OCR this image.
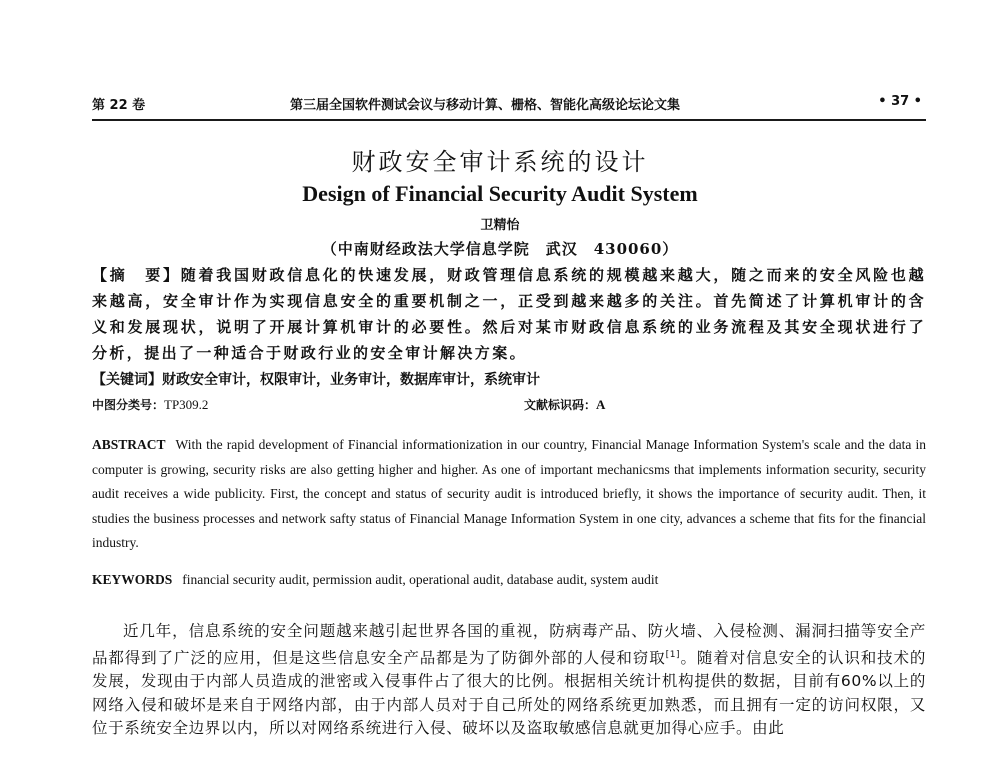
第 22 卷	第三届全国软件测试会议与移动计算、栅格、智能化高级论坛论文集	• 37 •
财政安全审计系统的设计
Design of Financial Security Audit System
卫精怡
（中南财经政法大学信息学院　武汉　430060）
【摘　要】随着我国财政信息化的快速发展，财政管理信息系统的规模越来越大，随之而来的安全风险也越来越高，安全审计作为实现信息安全的重要机制之一，正受到越来越多的关注。首先简述了计算机审计的含义和发展现状，说明了开展计算机审计的必要性。然后对某市财政信息系统的业务流程及其安全现状进行了分析，提出了一种适合于财政行业的安全审计解决方案。
【关键词】财政安全审计，权限审计，业务审计，数据库审计，系统审计
中图分类号：TP309.2	文献标识码：A
ABSTRACT With the rapid development of Financial informationization in our country, Financial Manage Information System's scale and the data in computer is growing, security risks are also getting higher and higher. As one of important mechanicsms that implements information security, security audit receives a wide publicity. First, the concept and status of security audit is introduced briefly, it shows the importance of security audit. Then, it studies the business processes and network safty status of Financial Manage Information System in one city, advances a scheme that fits for the financial industry.
KEYWORDS financial security audit, permission audit, operational audit, database audit, system audit

近几年，信息系统的安全问题越来越引起世界各国的重视，防病毒产品、防火墙、入侵检测、漏洞扫描等安全产品都得到了广泛的应用，但是这些信息安全产品都是为了防御外部的人侵和窃取[1]。随着对信息安全的认识和技术的发展，发现由于内部人员造成的泄密或入侵事件占了很大的比例。根据相关统计机构提供的数据，目前有60%以上的网络入侵和破坏是来自于网络内部，由于内部人员对于自己所处的网络系统更加熟悉，而且拥有一定的访问权限，又位于系统安全边界以内，所以对网络系统进行入侵、破坏以及盗取敏感信息就更加得心应手。由此
